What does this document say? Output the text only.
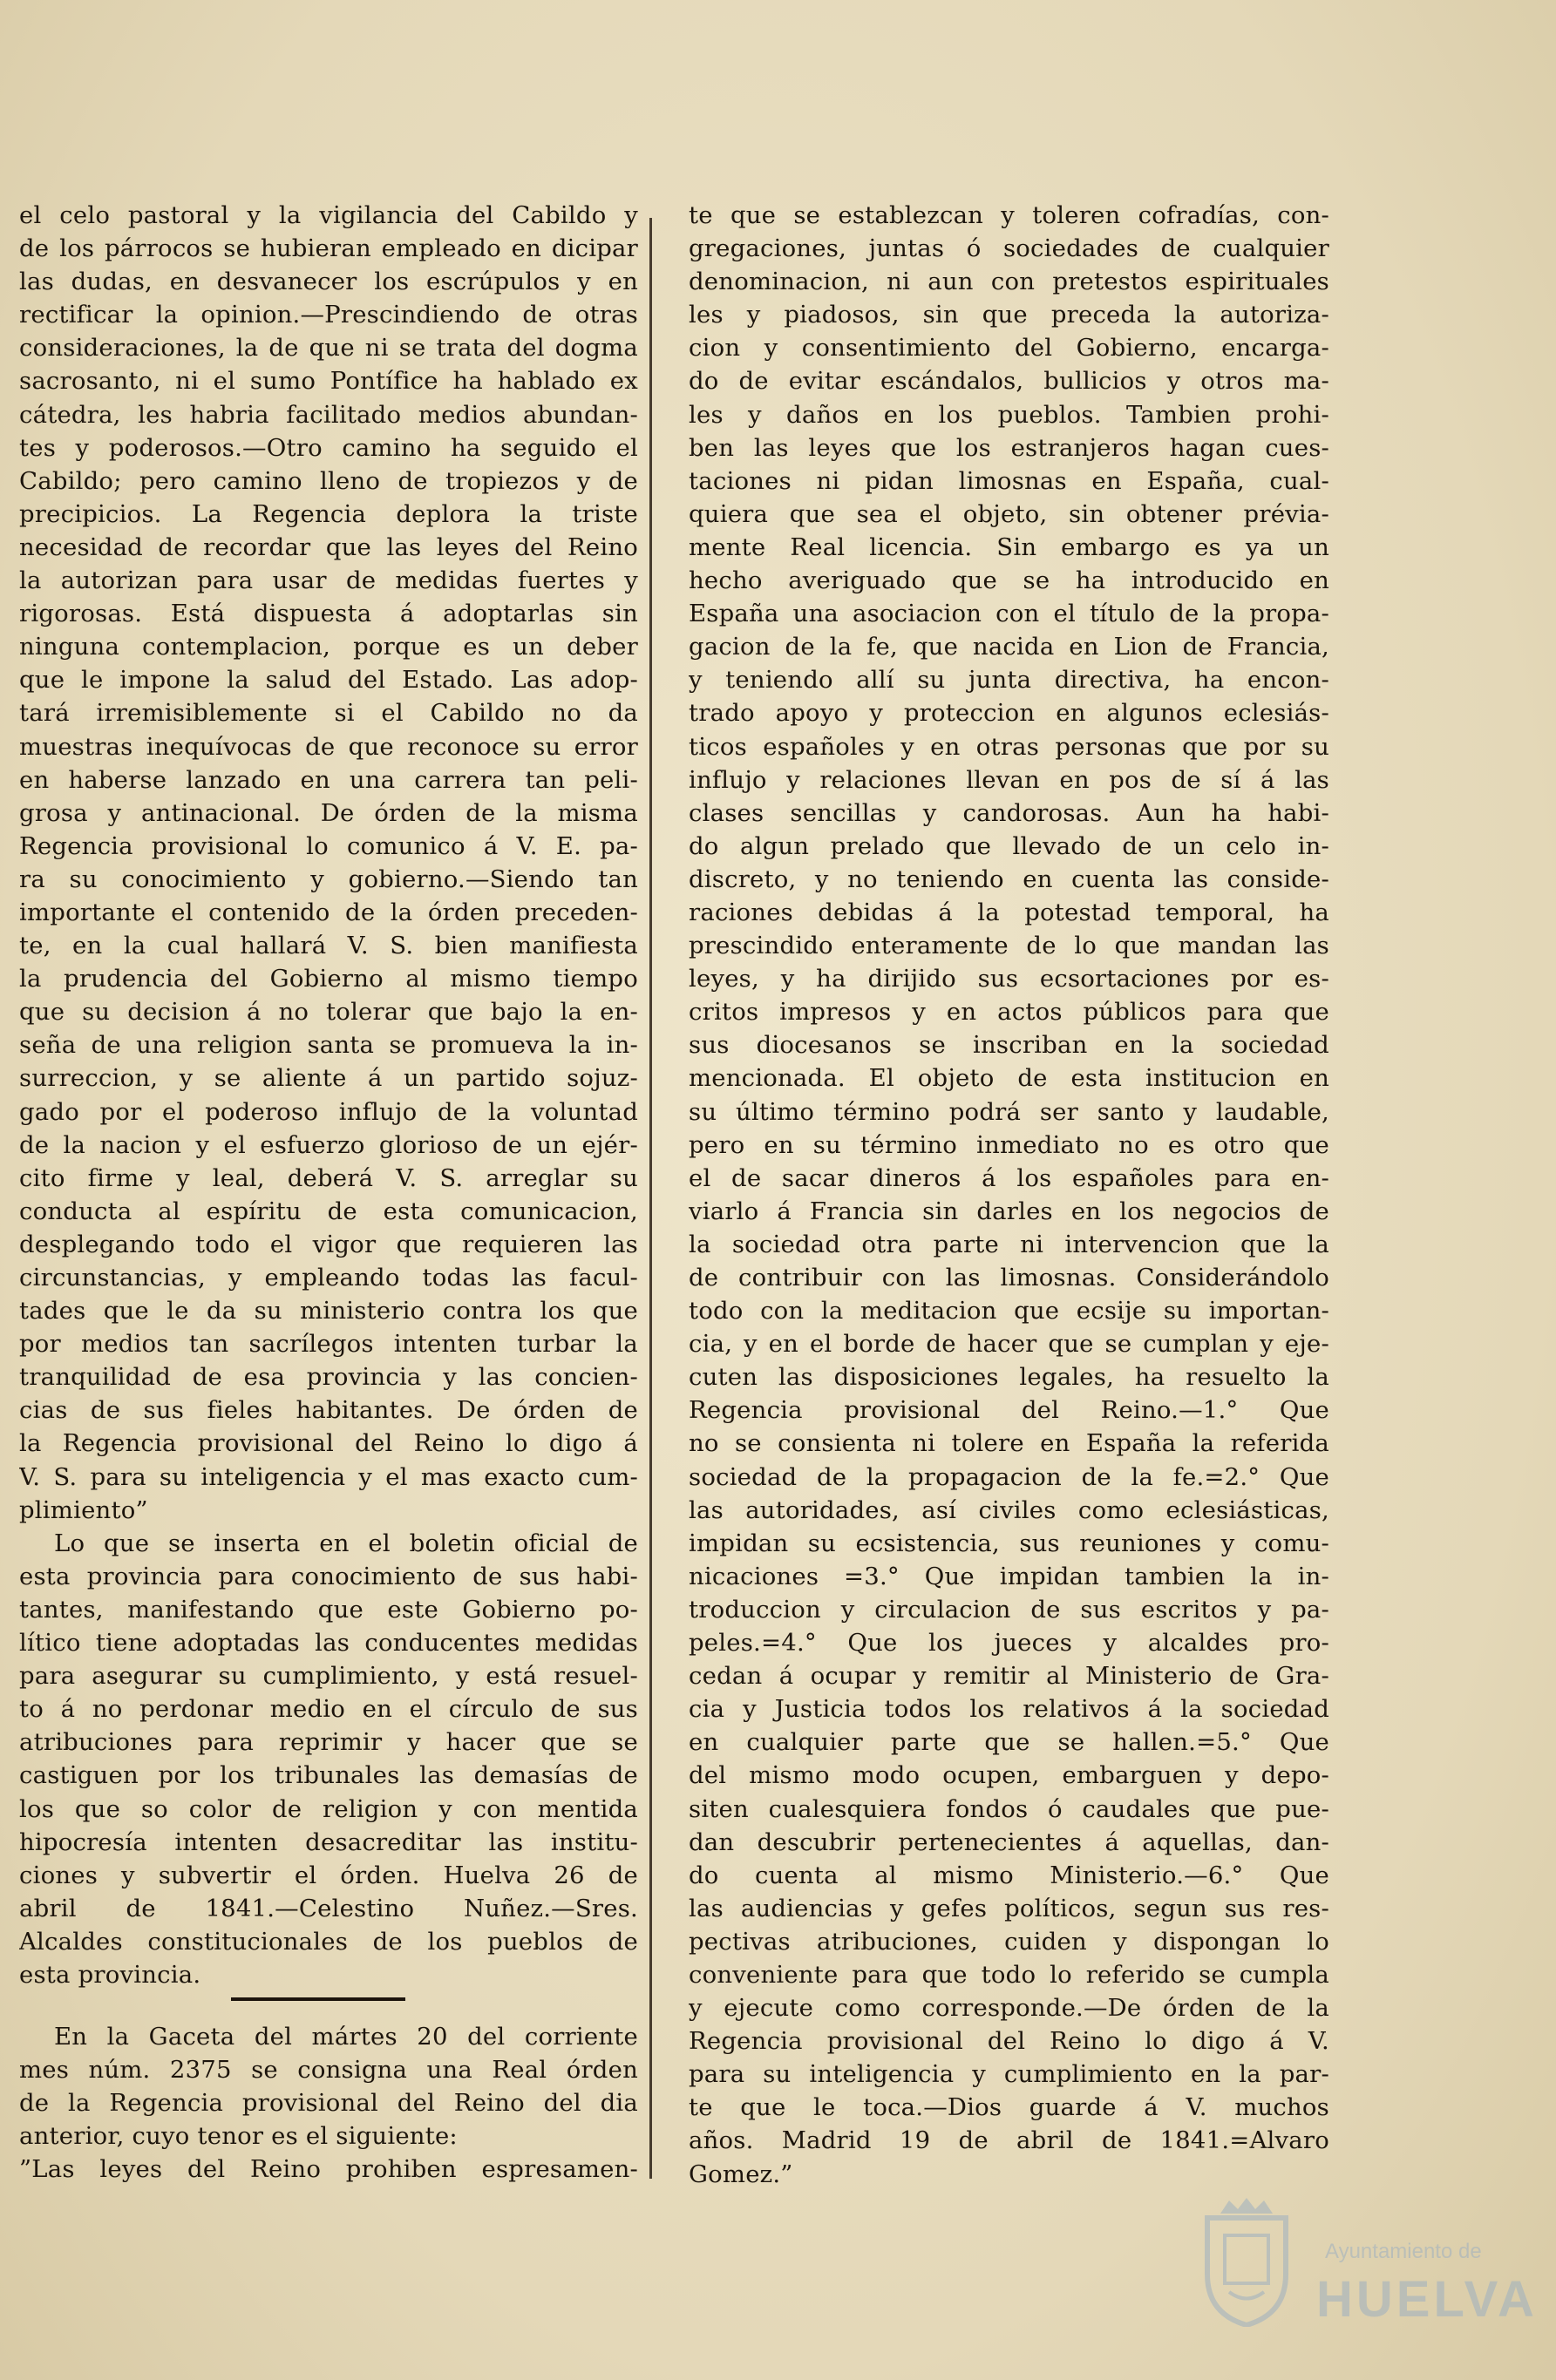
el celo pastoral y la vigilancia del Cabildo y
de los párrocos se hubieran empleado en dicipar
las dudas, en desvanecer los escrúpulos y en
rectificar la opinion.—Prescindiendo de otras
consideraciones, la de que ni se trata del dogma
sacrosanto, ni el sumo Pontífice ha hablado ex
cátedra, les habria facilitado medios abundan-
tes y poderosos.—Otro camino ha seguido el
Cabildo; pero camino lleno de tropiezos y de
precipicios. La Regencia deplora la triste
necesidad de recordar que las leyes del Reino
la autorizan para usar de medidas fuertes y
rigorosas. Está dispuesta á adoptarlas sin
ninguna contemplacion, porque es un deber
que le impone la salud del Estado. Las adop-
tará irremisiblemente si el Cabildo no da
muestras inequívocas de que reconoce su error
en haberse lanzado en una carrera tan peli-
grosa y antinacional. De órden de la misma
Regencia provisional lo comunico á V. E. pa-
ra su conocimiento y gobierno.—Siendo tan
importante el contenido de la órden preceden-
te, en la cual hallará V. S. bien manifiesta
la prudencia del Gobierno al mismo tiempo
que su decision á no tolerar que bajo la en-
seña de una religion santa se promueva la in-
surreccion, y se aliente á un partido sojuz-
gado por el poderoso influjo de la voluntad
de la nacion y el esfuerzo glorioso de un ejér-
cito firme y leal, deberá V. S. arreglar su
conducta al espíritu de esta comunicacion,
desplegando todo el vigor que requieren las
circunstancias, y empleando todas las facul-
tades que le da su ministerio contra los que
por medios tan sacrílegos intenten turbar la
tranquilidad de esa provincia y las concien-
cias de sus fieles habitantes. De órden de
la Regencia provisional del Reino lo digo á
V. S. para su inteligencia y el mas exacto cum-
plimiento”
Lo que se inserta en el boletin oficial de
esta provincia para conocimiento de sus habi-
tantes, manifestando que este Gobierno po-
lítico tiene adoptadas las conducentes medidas
para asegurar su cumplimiento, y está resuel-
to á no perdonar medio en el círculo de sus
atribuciones para reprimir y hacer que se
castiguen por los tribunales las demasías de
los que so color de religion y con mentida
hipocresía intenten desacreditar las institu-
ciones y subvertir el órden. Huelva 26 de
abril de 1841.—Celestino Nuñez.—Sres.
Alcaldes constitucionales de los pueblos de
esta provincia.
En la Gaceta del mártes 20 del corriente
mes núm. 2375 se consigna una Real órden
de la Regencia provisional del Reino del dia
anterior, cuyo tenor es el siguiente:
”Las leyes del Reino prohiben espresamen-
te que se establezcan y toleren cofradías, con-
gregaciones, juntas ó sociedades de cualquier
denominacion, ni aun con pretestos espirituales
les y piadosos, sin que preceda la autoriza-
cion y consentimiento del Gobierno, encarga-
do de evitar escándalos, bullicios y otros ma-
les y daños en los pueblos. Tambien prohi-
ben las leyes que los estranjeros hagan cues-
taciones ni pidan limosnas en España, cual-
quiera que sea el objeto, sin obtener prévia-
mente Real licencia. Sin embargo es ya un
hecho averiguado que se ha introducido en
España una asociacion con el título de la propa-
gacion de la fe, que nacida en Lion de Francia,
y teniendo allí su junta directiva, ha encon-
trado apoyo y proteccion en algunos eclesiás-
ticos españoles y en otras personas que por su
influjo y relaciones llevan en pos de sí á las
clases sencillas y candorosas. Aun ha habi-
do algun prelado que llevado de un celo in-
discreto, y no teniendo en cuenta las conside-
raciones debidas á la potestad temporal, ha
prescindido enteramente de lo que mandan las
leyes, y ha dirijido sus ecsortaciones por es-
critos impresos y en actos públicos para que
sus diocesanos se inscriban en la sociedad
mencionada. El objeto de esta institucion en
su último término podrá ser santo y laudable,
pero en su término inmediato no es otro que
el de sacar dineros á los españoles para en-
viarlo á Francia sin darles en los negocios de
la sociedad otra parte ni intervencion que la
de contribuir con las limosnas. Considerándolo
todo con la meditacion que ecsije su importan-
cia, y en el borde de hacer que se cumplan y eje-
cuten las disposiciones legales, ha resuelto la
Regencia provisional del Reino.—1.° Que
no se consienta ni tolere en España la referida
sociedad de la propagacion de la fe.=2.° Que
las autoridades, así civiles como eclesiásticas,
impidan su ecsistencia, sus reuniones y comu-
nicaciones =3.° Que impidan tambien la in-
troduccion y circulacion de sus escritos y pa-
peles.=4.° Que los jueces y alcaldes pro-
cedan á ocupar y remitir al Ministerio de Gra-
cia y Justicia todos los relativos á la sociedad
en cualquier parte que se hallen.=5.° Que
del mismo modo ocupen, embarguen y depo-
siten cualesquiera fondos ó caudales que pue-
dan descubrir pertenecientes á aquellas, dan-
do cuenta al mismo Ministerio.—6.° Que
las audiencias y gefes políticos, segun sus res-
pectivas atribuciones, cuiden y dispongan lo
conveniente para que todo lo referido se cumpla
y ejecute como corresponde.—De órden de la
Regencia provisional del Reino lo digo á V.
para su inteligencia y cumplimiento en la par-
te que le toca.—Dios guarde á V. muchos
años. Madrid 19 de abril de 1841.=Alvaro
Gomez.”
Ayuntamiento de
HUELVA
